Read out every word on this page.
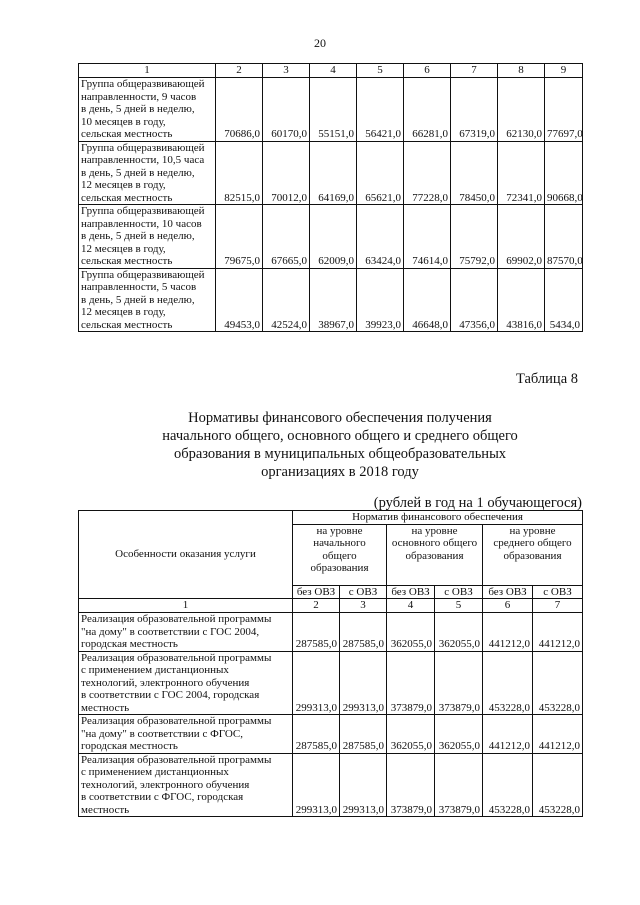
20
1	2	3	4	5	6	7	8	9

Группа общеразвивающей
направленности, 9 часов
в день, 5 дней в неделю,
10 месяцев в году,
сельская местность	70686,0	60170,0	55151,0	56421,0	66281,0	67319,0	62130,0	77697,0

Группа общеразвивающей
направленности, 10,5 часа
в день, 5 дней в неделю,
12 месяцев в году,
сельская местность	82515,0	70012,0	64169,0	65621,0	77228,0	78450,0	72341,0	90668,0

Группа общеразвивающей
направленности, 10 часов
в день, 5 дней в неделю,
12 месяцев в году,
сельская местность	79675,0	67665,0	62009,0	63424,0	74614,0	75792,0	69902,0	87570,0

Группа общеразвивающей
направленности, 5 часов
в день, 5 дней в неделю,
12 месяцев в году,
сельская местность	49453,0	42524,0	38967,0	39923,0	46648,0	47356,0	43816,0	5434,0
Таблица 8
Нормативы финансового обеспечения получения
начального общего, основного общего и среднего общего
образования в муниципальных общеобразовательных
организациях в 2018 году
(рублей в год на 1 обучающегося)
Особенности оказания услуги	Норматив финансового обеспечения					

	на уровне
начального
общего
образования		на уровне
основного общего
образования		на уровне
среднего общего
образования	

	без ОВЗ	с ОВЗ	без ОВЗ	с ОВЗ	без ОВЗ	с ОВЗ
1	2	3	4	5	6	7

Реализация образовательной программы
"на дому" в соответствии с ГОС 2004,
городская местность	287585,0	287585,0	362055,0	362055,0	441212,0	441212,0

Реализация образовательной программы
с применением дистанционных
технологий, электронного обучения
в соответствии с ГОС 2004, городская
местность	299313,0	299313,0	373879,0	373879,0	453228,0	453228,0

Реализация образовательной программы
"на дому" в соответствии с ФГОС,
городская местность	287585,0	287585,0	362055,0	362055,0	441212,0	441212,0

Реализация образовательной программы
с применением дистанционных
технологий, электронного обучения
в соответствии с ФГОС, городская
местность	299313,0	299313,0	373879,0	373879,0	453228,0	453228,0
